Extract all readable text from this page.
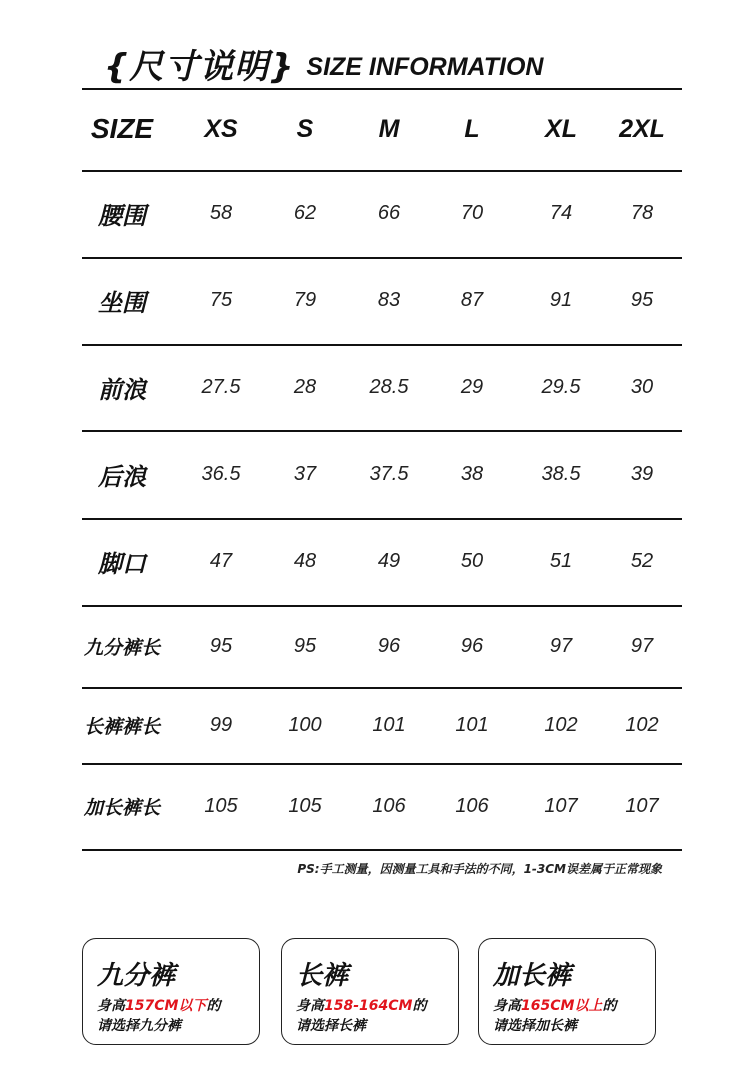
{尺寸说明} SIZE INFORMATION
SIZE	XS	S	M	L	XL	2XL
腰围	58	62	66	70	74	78
坐围	75	79	83	87	91	95
前浪	27.5	28	28.5	29	29.5	30
后浪	36.5	37	37.5	38	38.5	39
脚口	47	48	49	50	51	52
九分裤长	95	95	96	96	97	97
长裤裤长	99	100	101	101	102	102
加长裤长	105	105	106	106	107	107
PS:手工测量，因测量工具和手法的不同，1-3CM误差属于正常现象
九分裤
身高157CM以下的
请选择九分裤
长裤
身高158-164CM的
请选择长裤
加长裤
身高165CM以上的
请选择加长裤
